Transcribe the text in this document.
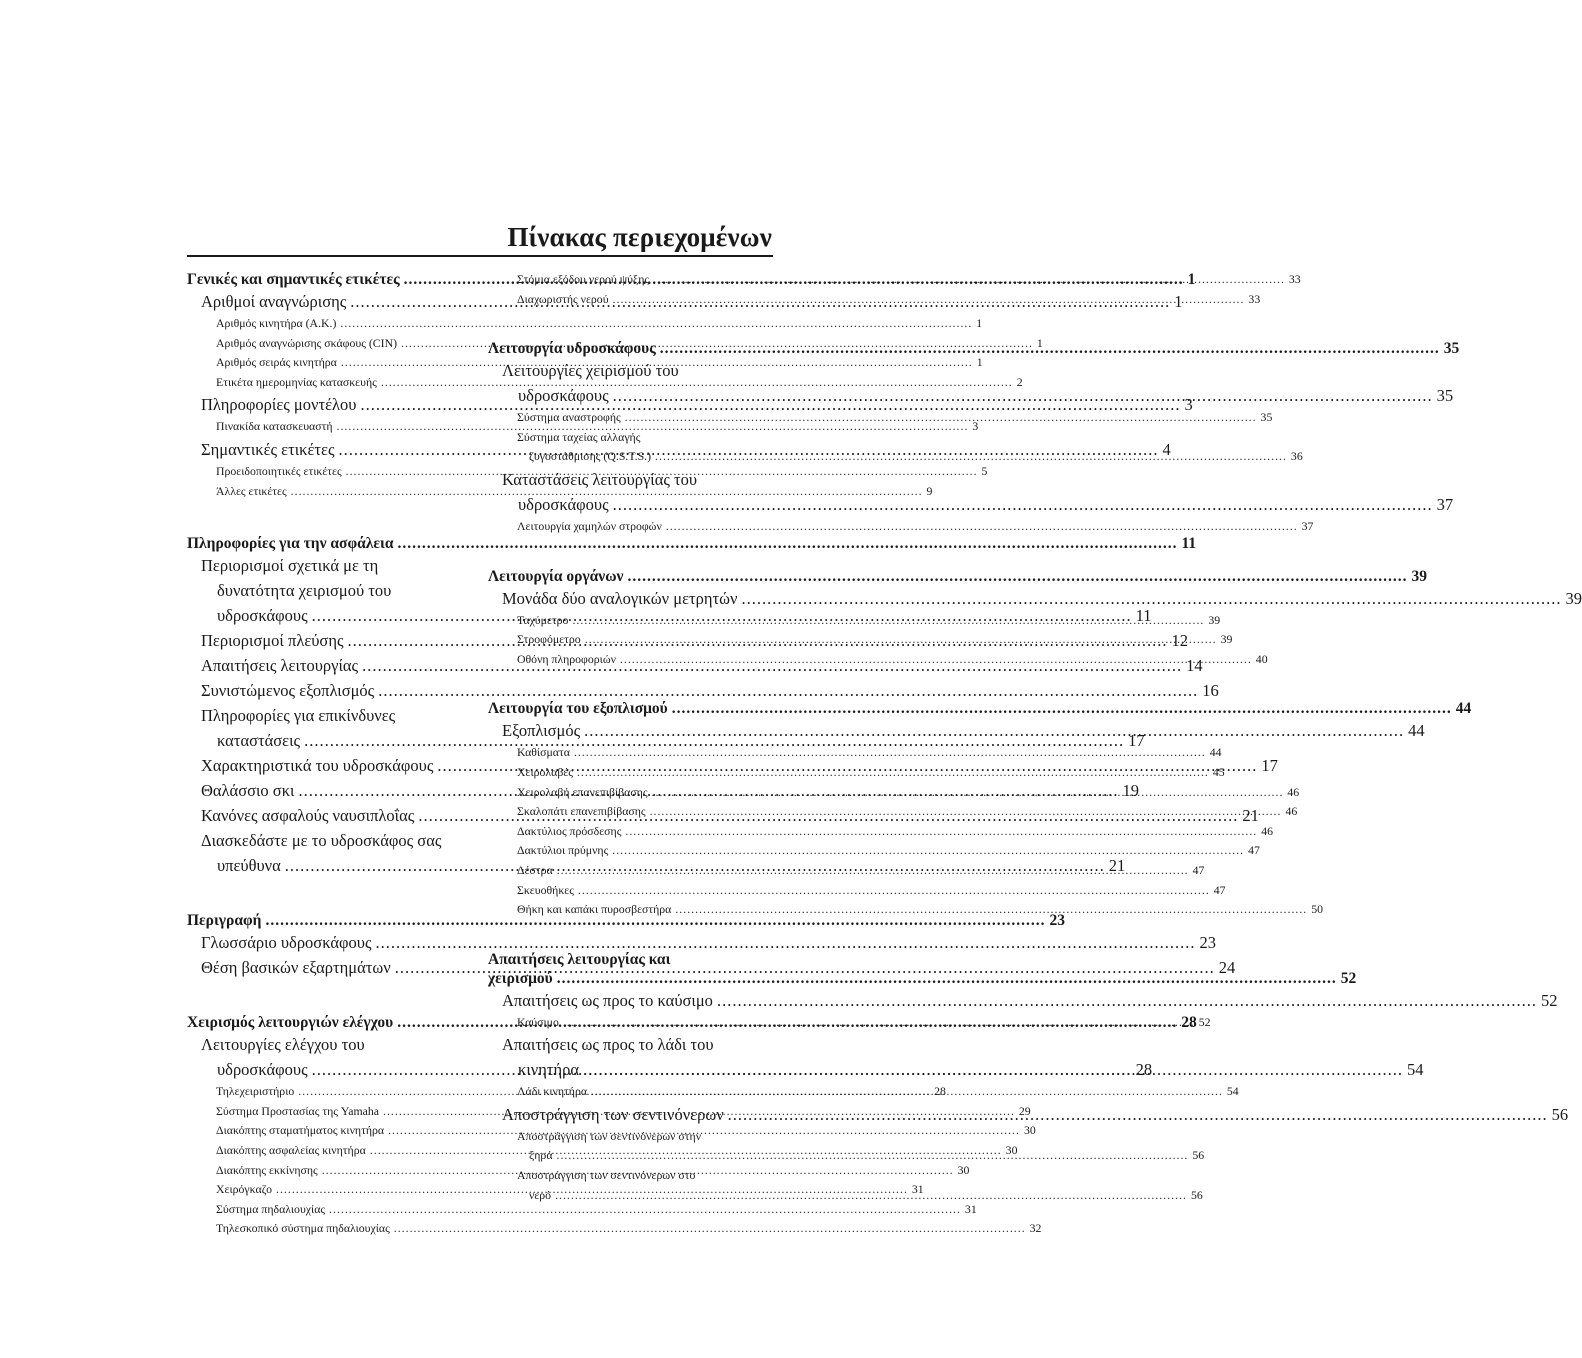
Πίνακας περιεχομένων
Γενικές και σημαντικές ετικέτες .....	1
Αριθμοί αναγνώρισης .....	1
Αριθμός κινητήρα (A.K.) .....	1
Αριθμός αναγνώρισης σκάφους (CIN) .....	1
Αριθμός σειράς κινητήρα .....	1
Ετικέτα ημερομηνίας κατασκευής .....	2
Πληροφορίες μοντέλου .....	3
Πινακίδα κατασκευαστή .....	3
Σημαντικές ετικέτες .....	4
Προειδοποιητικές ετικέτες .....	5
Άλλες ετικέτες .....	9
Πληροφορίες για την ασφάλεια .....	11
Περιορισμοί σχετικά με τη
δυνατότητα χειρισμού του
υδροσκάφους .....	11
Περιορισμοί πλεύσης .....	12
Απαιτήσεις λειτουργίας .....	14
Συνιστώμενος εξοπλισμός .....	16
Πληροφορίες για επικίνδυνες
καταστάσεις .....	17
Χαρακτηριστικά του υδροσκάφους .....	17
Θαλάσσιο σκι .....	19
Κανόνες ασφαλούς ναυσιπλοΐας .....	21
Διασκεδάστε με το υδροσκάφος σας
υπεύθυνα .....	21
Περιγραφή .....	23
Γλωσσάριο υδροσκάφους .....	23
Θέση βασικών εξαρτημάτων .....	24
Χειρισμός λειτουργιών ελέγχου .....	28
Λειτουργίες ελέγχου του
υδροσκάφους .....	28
Τηλεχειριστήριο .....	28
Σύστημα Προστασίας της Yamaha .....	29
Διακόπτης σταματήματος κινητήρα .....	30
Διακόπτης ασφαλείας κινητήρα .....	30
Διακόπτης εκκίνησης .....	30
Χειρόγκαζο .....	31
Σύστημα πηδαλιουχίας .....	31
Τηλεσκοπικό σύστημα πηδαλιουχίας .....	32
Στόμια εξόδου νερού ψύξης .....	33
Διαχωριστής νερού .....	33
Λειτουργία υδροσκάφους .....	35
Λειτουργίες χειρισμού του
υδροσκάφους .....	35
Σύστημα αναστροφής .....	35
Σύστημα ταχείας αλλαγής
ζυγοστάθμισης (Q.S.T.S.) .....	36
Καταστάσεις λειτουργίας του
υδροσκάφους .....	37
Λειτουργία χαμηλών στροφών .....	37
Λειτουργία οργάνων .....	39
Μονάδα δύο αναλογικών μετρητών .....	39
Ταχύμετρο .....	39
Στροφόμετρο .....	39
Οθόνη πληροφοριών .....	40
Λειτουργία του εξοπλισμού .....	44
Εξοπλισμός .....	44
Καθίσματα .....	44
Χειρολαβές .....	45
Χειρολαβή επανεπιβίβασης .....	46
Σκαλοπάτι επανεπιβίβασης .....	46
Δακτύλιος πρόσδεσης .....	46
Δακτύλιοι πρύμνης .....	47
Δέστρα .....	47
Σκευοθήκες .....	47
Θήκη και καπάκι πυροσβεστήρα .....	50
Απαιτήσεις λειτουργίας και
χειρισμού .....	52
Απαιτήσεις ως προς το καύσιμο .....	52
Καύσιμο .....	52
Απαιτήσεις ως προς το λάδι του
κινητήρα .....	54
Λάδι κινητήρα .....	54
Αποστράγγιση των σεντινόνερων .....	56
Αποστράγγιση των σεντινόνερων στην
ξηρά .....	56
Αποστράγγιση των σεντινόνερων στο
νερό .....	56
